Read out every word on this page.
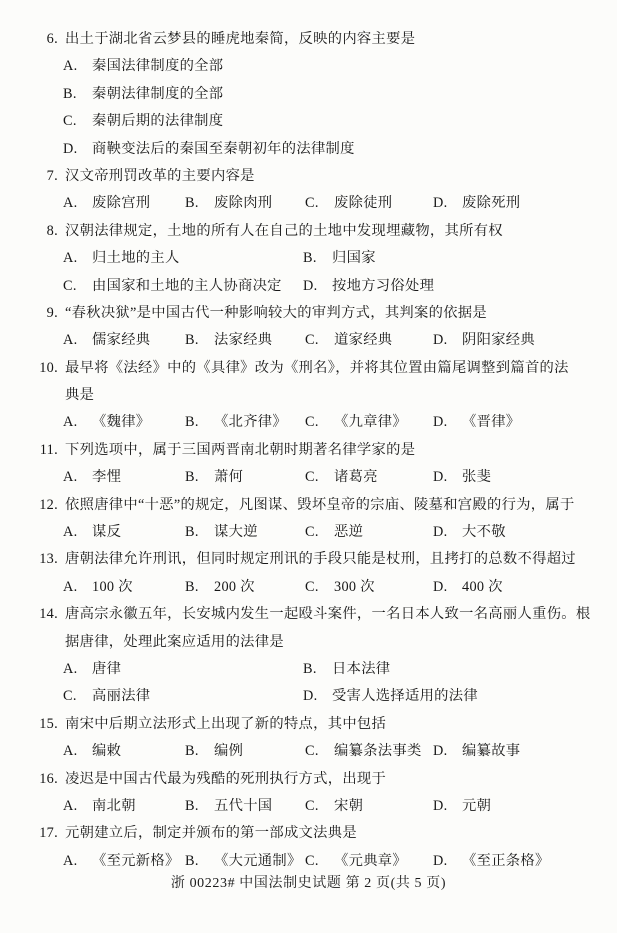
6. 出土于湖北省云梦县的睡虎地秦简，反映的内容主要是
A. 秦国法律制度的全部
B. 秦朝法律制度的全部
C. 秦朝后期的法律制度
D. 商鞅变法后的秦国至秦朝初年的法律制度
7. 汉文帝刑罚改革的主要内容是
A. 废除宫刑	B. 废除肉刑	C. 废除徒刑	D. 废除死刑
8. 汉朝法律规定，土地的所有人在自己的土地中发现埋藏物，其所有权
A. 归土地的主人	B. 归国家
C. 由国家和土地的主人协商决定	D. 按地方习俗处理
9. “春秋决狱”是中国古代一种影响较大的审判方式，其判案的依据是
A. 儒家经典	B. 法家经典	C. 道家经典	D. 阴阳家经典
10. 最早将《法经》中的《具律》改为《刑名》，并将其位置由篇尾调整到篇首的法
典是
A. 《魏律》	B. 《北齐律》	C. 《九章律》	D. 《晋律》
11. 下列选项中，属于三国两晋南北朝时期著名律学家的是
A. 李悝	B. 萧何	C. 诸葛亮	D. 张斐
12. 依照唐律中“十恶”的规定，凡图谋、毁坏皇帝的宗庙、陵墓和宫殿的行为，属于
A. 谋反	B. 谋大逆	C. 恶逆	D. 大不敬
13. 唐朝法律允许刑讯，但同时规定刑讯的手段只能是杖刑，且拷打的总数不得超过
A. 100 次	B. 200 次	C. 300 次	D. 400 次
14. 唐高宗永徽五年，长安城内发生一起殴斗案件，一名日本人致一名高丽人重伤。根
据唐律，处理此案应适用的法律是
A. 唐律	B. 日本法律
C. 高丽法律	D. 受害人选择适用的法律
15. 南宋中后期立法形式上出现了新的特点，其中包括
A. 编敕	B. 编例	C. 编纂条法事类 D. 编纂故事
16. 凌迟是中国古代最为残酷的死刑执行方式，出现于
A. 南北朝	B. 五代十国	C. 宋朝	D. 元朝
17. 元朝建立后，制定并颁布的第一部成文法典是
A. 《至元新格》 B. 《大元通制》 C. 《元典章》	D. 《至正条格》
浙 00223# 中国法制史试题 第 2 页(共 5 页)
